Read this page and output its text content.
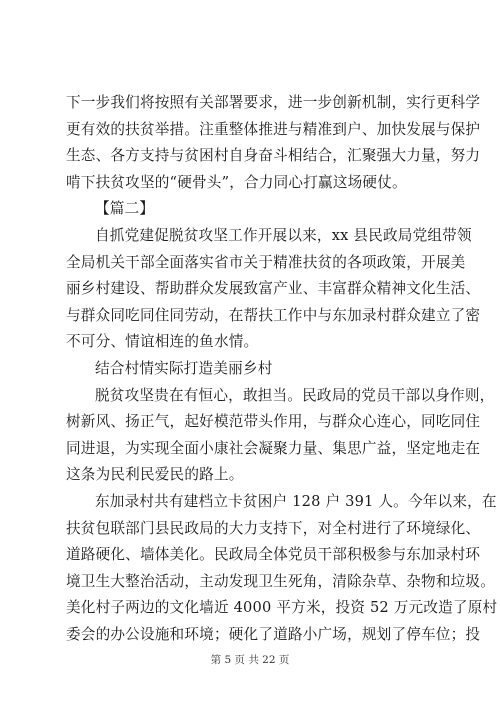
下一步我们将按照有关部署要求，进一步创新机制，实行更科学
更有效的扶贫举措。注重整体推进与精准到户、加快发展与保护
生态、各方支持与贫困村自身奋斗相结合，汇聚强大力量，努力
啃下扶贫攻坚的“硬骨头”，合力同心打赢这场硬仗。
【篇二】
自抓党建促脱贫攻坚工作开展以来，xx 县民政局党组带领
全局机关干部全面落实省市关于精准扶贫的各项政策，开展美
丽乡村建设、帮助群众发展致富产业、丰富群众精神文化生活、
与群众同吃同住同劳动，在帮扶工作中与东加录村群众建立了密
不可分、情谊相连的鱼水情。
结合村情实际打造美丽乡村
脱贫攻坚贵在有恒心，敢担当。民政局的党员干部以身作则，
树新风、扬正气，起好模范带头作用，与群众心连心，同吃同住
同进退，为实现全面小康社会凝聚力量、集思广益，坚定地走在
这条为民利民爱民的路上。
东加录村共有建档立卡贫困户 128 户 391 人。今年以来，在
扶贫包联部门县民政局的大力支持下，对全村进行了环境绿化、
道路硬化、墙体美化。民政局全体党员干部积极参与东加录村环
境卫生大整治活动，主动发现卫生死角，清除杂草、杂物和垃圾。
美化村子两边的文化墙近 4000 平方米，投资 52 万元改造了原村
委会的办公设施和环境；硬化了道路小广场，规划了停车位；投
第 5 页 共 22 页
